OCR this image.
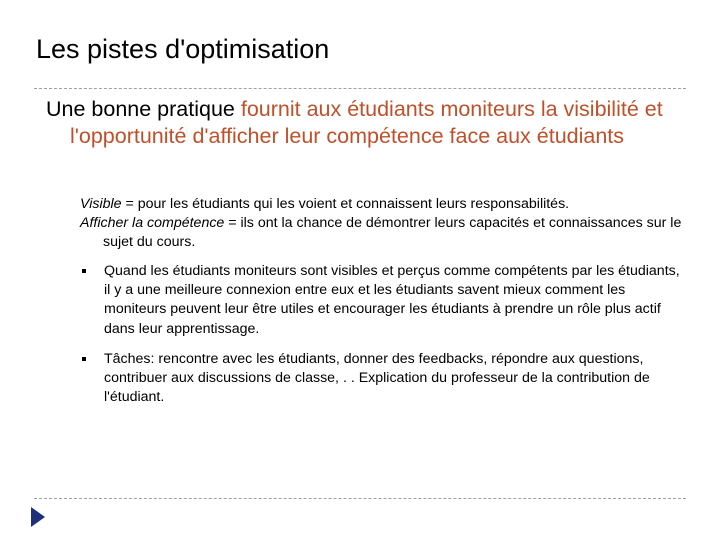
Les pistes d'optimisation
Une bonne pratique fournit aux étudiants moniteurs la visibilité et l'opportunité d'afficher leur compétence face aux étudiants
Visible = pour les étudiants qui les voient et connaissent leurs responsabilités.
Afficher la compétence = ils ont la chance de démontrer leurs capacités et connaissances sur le sujet du cours.
Quand les étudiants moniteurs sont visibles et perçus comme compétents par les étudiants, il y a une meilleure connexion entre eux et les étudiants savent mieux comment les moniteurs peuvent leur être utiles et encourager les étudiants à prendre un rôle plus actif dans leur apprentissage.
Tâches: rencontre avec les étudiants, donner des feedbacks, répondre aux questions, contribuer aux discussions de classe, . . Explication du professeur de la contribution de l'étudiant.
